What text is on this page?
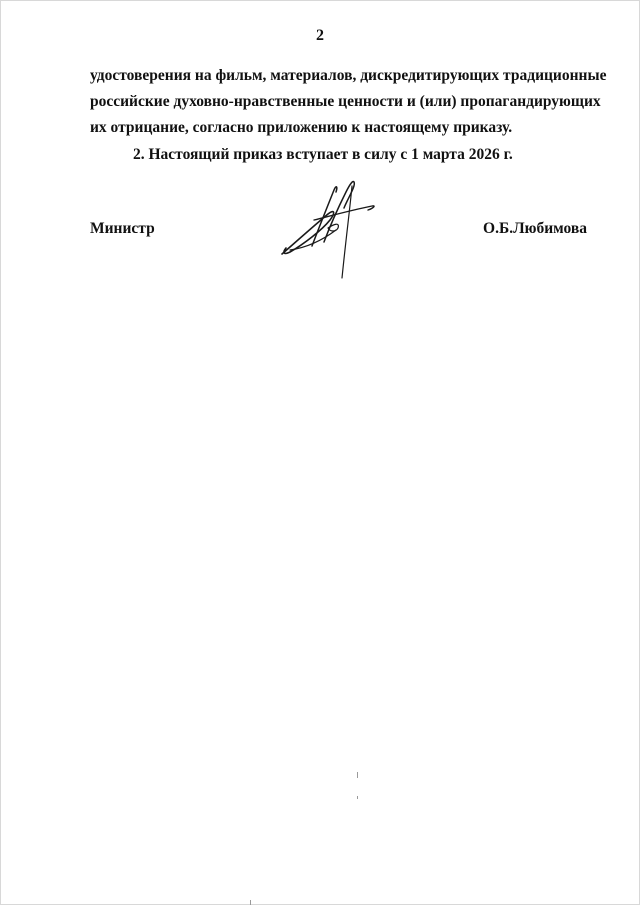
2
удостоверения на фильм, материалов, дискредитирующих традиционные
российские духовно-нравственные ценности и (или) пропагандирующих
их отрицание, согласно приложению к настоящему приказу.
2. Настоящий приказ вступает в силу с 1 марта 2026 г.
Министр	О.Б.Любимова
